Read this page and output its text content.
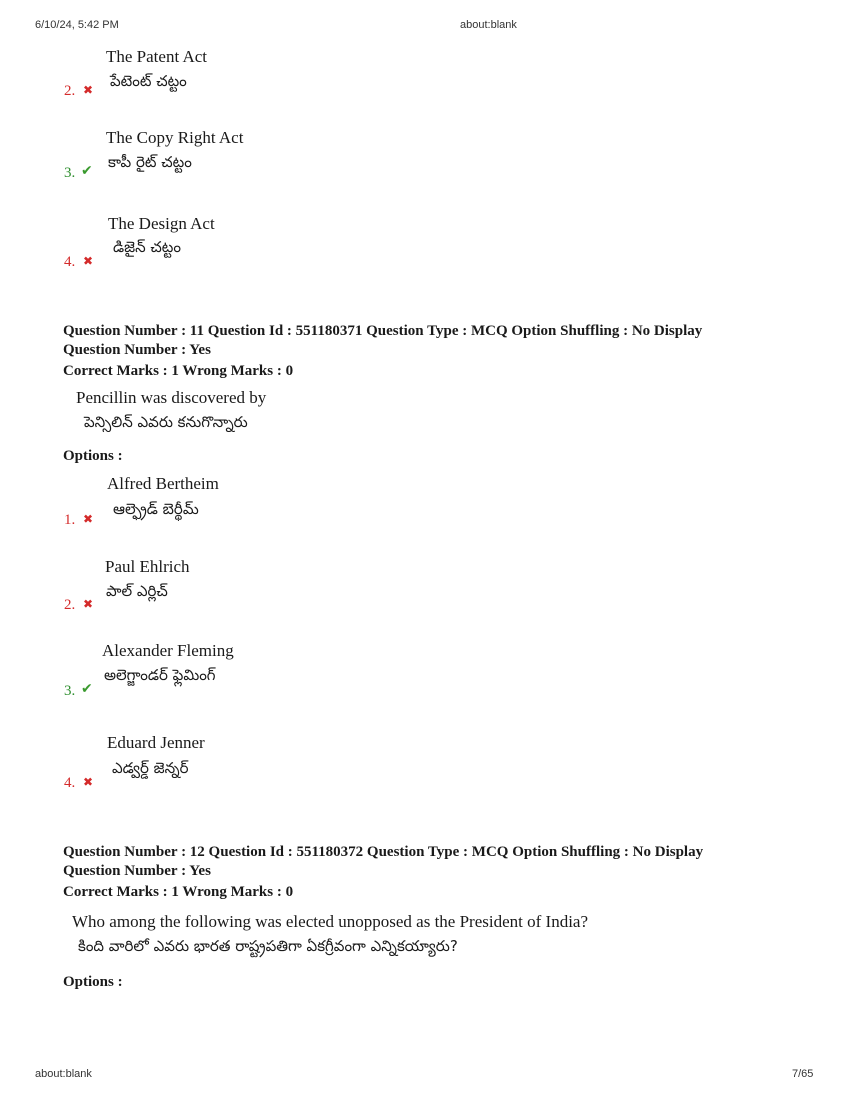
6/10/24, 5:42 PM	about:blank
The Patent Act
పేటెంట్ చట్టం
2. ✖
The Copy Right Act
కాపీ రైట్ చట్టం
3. ✔
The Design Act
డిజైన్ చట్టం
4. ✖
Question Number : 11 Question Id : 551180371 Question Type : MCQ Option Shuffling : No Display
Question Number : Yes
Correct Marks : 1 Wrong Marks : 0
Pencillin was discovered by
పెన్సిలిన్ ఎవరు కనుగొన్నారు
Options :
Alfred Bertheim
ఆల్ఫ్రెడ్ బెర్థీమ్
1. ✖
Paul Ehlrich
పాల్ ఎర్లిచ్
2. ✖
Alexander Fleming
అలెగ్జాండర్ ఫ్లెమింగ్
3. ✔
Eduard Jenner
ఎడ్వర్డ్ జెన్నర్
4. ✖
Question Number : 12 Question Id : 551180372 Question Type : MCQ Option Shuffling : No Display
Question Number : Yes
Correct Marks : 1 Wrong Marks : 0
Who among the following was elected unopposed as the President of India?
కింది వారిలో ఎవరు భారత రాష్ట్రపతిగా ఏకగ్రీవంగా ఎన్నికయ్యారు?
Options :
about:blank	7/65
